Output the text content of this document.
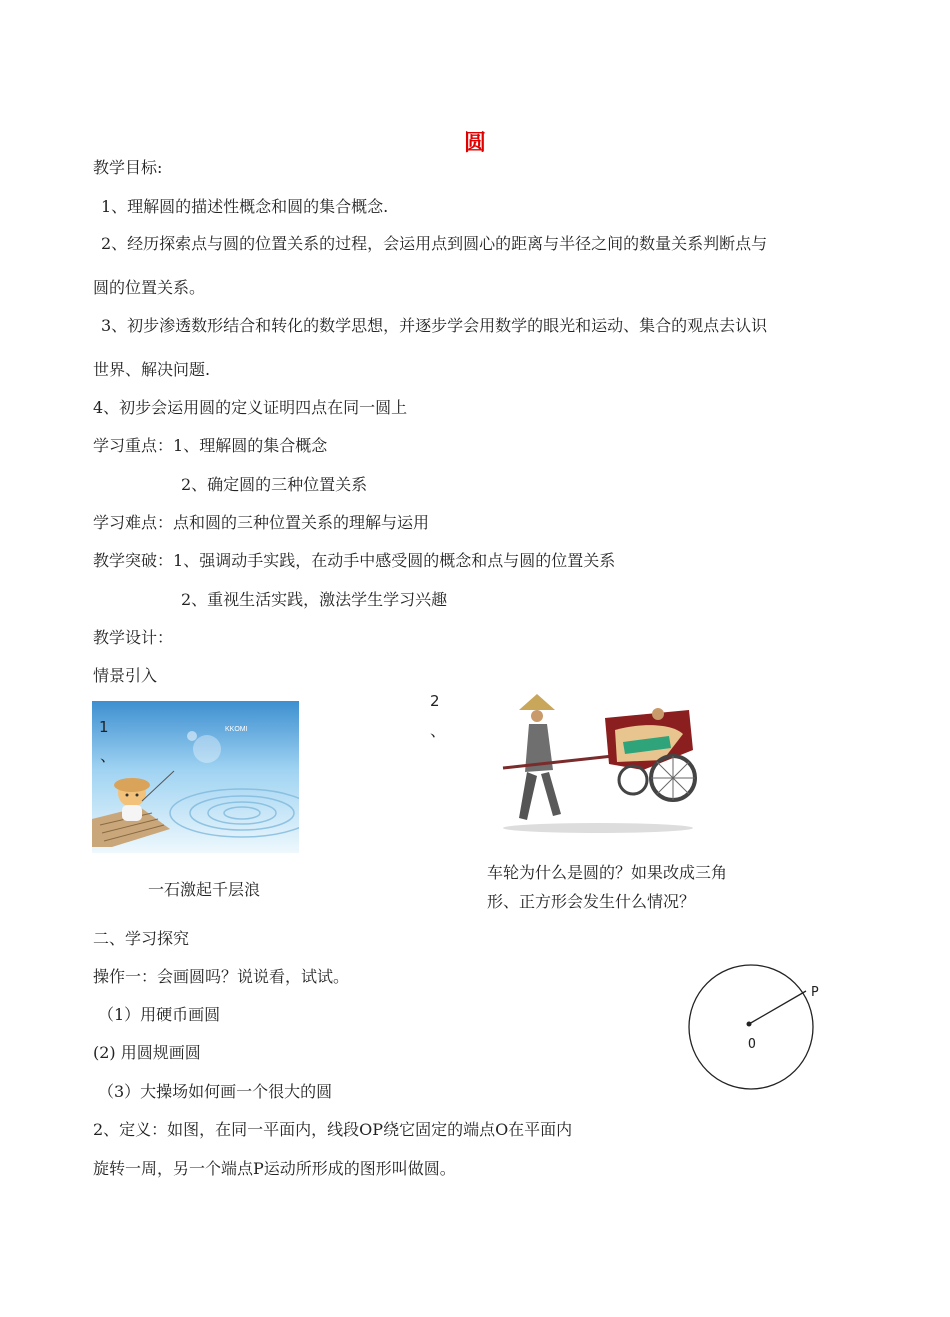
圆
教学目标:
1、理解圆的描述性概念和圆的集合概念.
2、经历探索点与圆的位置关系的过程，会运用点到圆心的距离与半径之间的数量关系判断点与
圆的位置关系。
3、初步渗透数形结合和转化的数学思想，并逐步学会用数学的眼光和运动、集合的观点去认识
世界、解决问题.
4、初步会运用圆的定义证明四点在同一圆上
学习重点：1、理解圆的集合概念
2、确定圆的三种位置关系
学习难点：点和圆的三种位置关系的理解与运用
教学突破：1、强调动手实践，在动手中感受圆的概念和点与圆的位置关系
2、重视生活实践，激法学生学习兴趣
教学设计：
情景引入
KKOMI
1
、
一石激起千层浪
2
、
车轮为什么是圆的？如果改成三角
形、正方形会发生什么情况？
二、学习探究
操作一：会画圆吗？说说看，试试。
（1）用硬币画圆
(2) 用圆规画圆
（3）大操场如何画一个很大的圆
2、定义：如图，在同一平面内，线段OP绕它固定的端点O在平面内
旋转一周，另一个端点P运动所形成的图形叫做圆。
O
P
